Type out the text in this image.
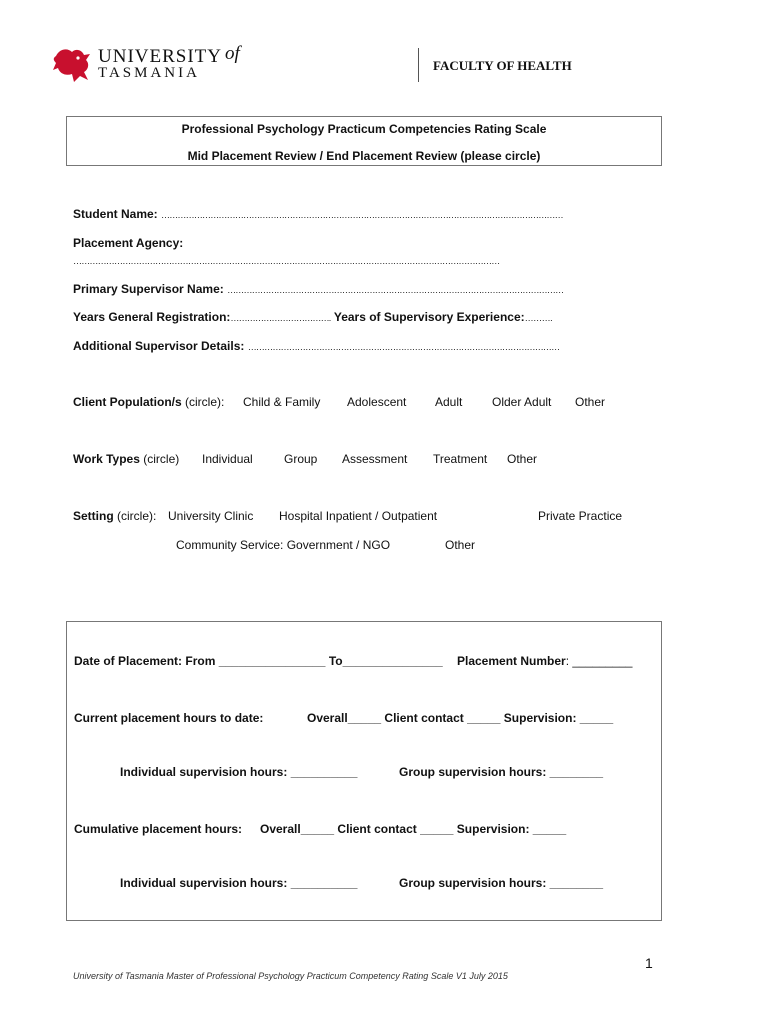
UNIVERSITY of
TASMANIA	FACULTY OF HEALTH
Professional Psychology Practicum Competencies Rating Scale
Mid Placement Review / End Placement Review (please circle)
Student Name: …………………………………………………………………………………………………………………………………
Placement Agency:
…………………………………………………………………………………………………………………………………………
Primary Supervisor Name: ……………………………………………………………………………………………………………
Years General Registration:………………………………. Years of Supervisory Experience:……….
Additional Supervisor Details: ……………………………………………………………………………………………………
Client Population/s (circle): Child & Family Adolescent Adult Older Adult Other
Work Types (circle) Individual	Group Assessment Treatment Other
Setting (circle): University Clinic Hospital Inpatient / Outpatient	Private Practice
Community Service: Government / NGO	Other
Date of Placement: From ________________ To_______________ Placement Number: _________
Current placement hours to date:	Overall_____ Client contact _____ Supervision: _____
Individual supervision hours: __________	Group supervision hours: ________
Cumulative placement hours: Overall_____ Client contact _____ Supervision: _____
Individual supervision hours: __________	Group supervision hours: ________
1
University of Tasmania Master of Professional Psychology Practicum Competency Rating Scale V1 July 2015
